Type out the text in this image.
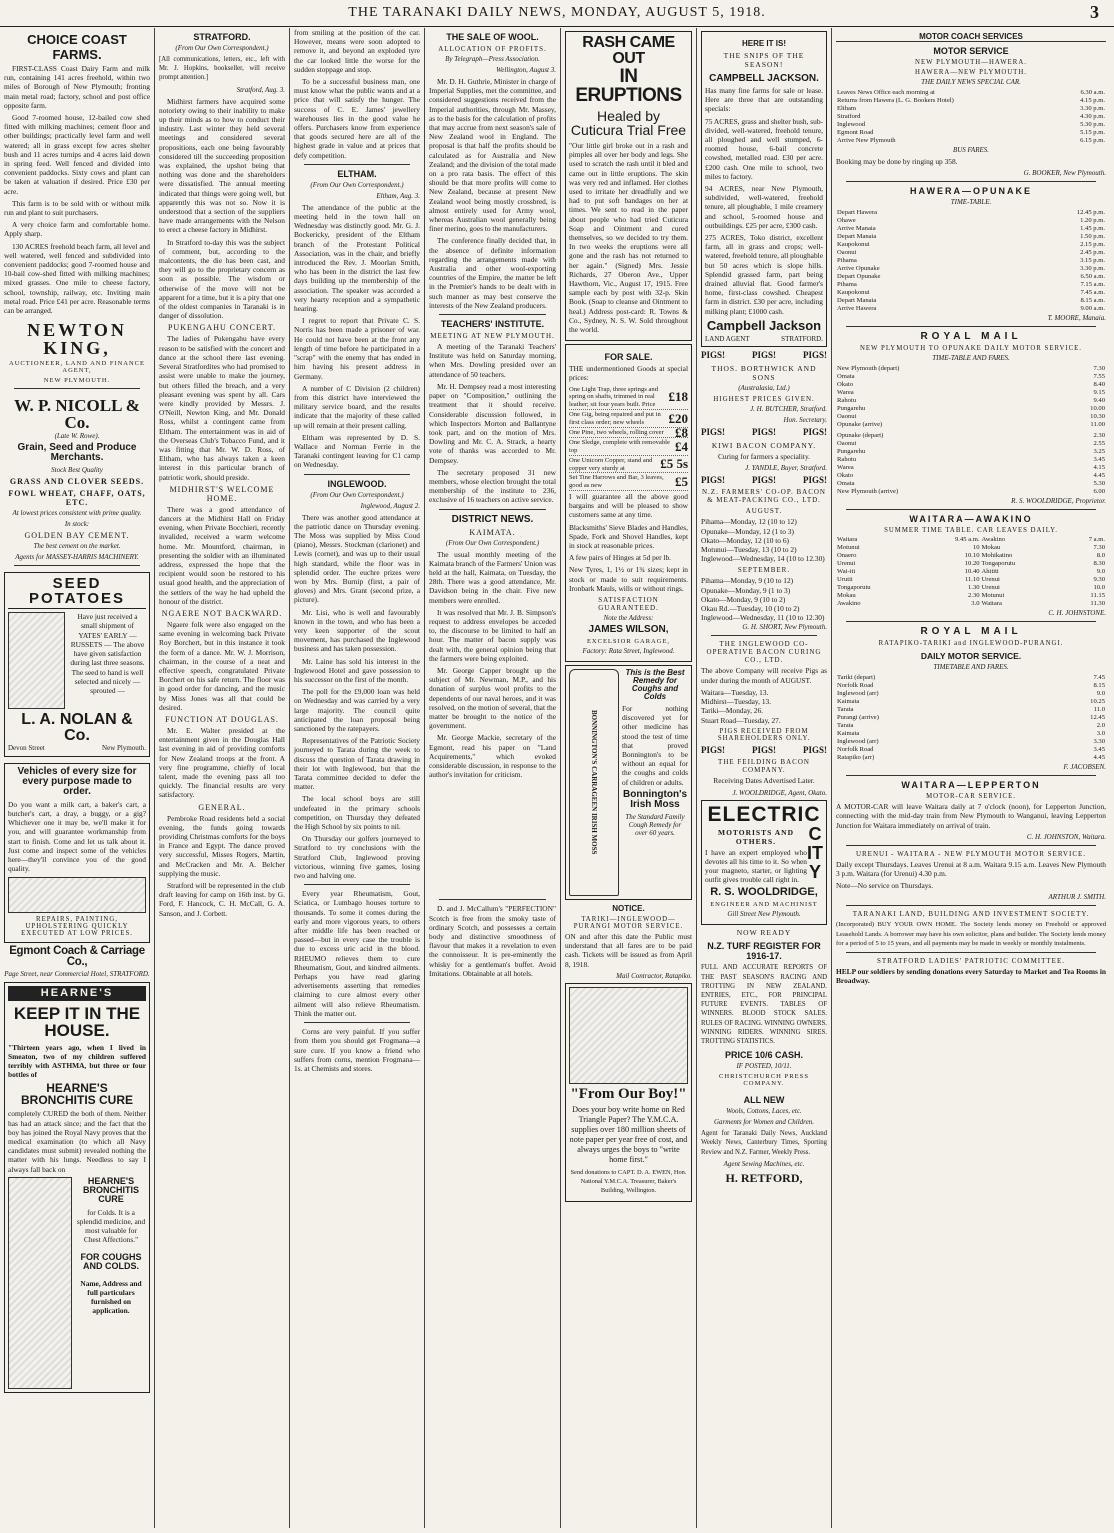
THE TARANAKI DAILY NEWS, MONDAY, AUGUST 5, 1918.	3
CHOICE COAST FARMS.

FIRST-CLASS Coast Dairy Farm and milk run, containing 141 acres freehold, within two miles of Borough of New Plymouth; fronting main metal road; factory, school and post office opposite farm.

Good 7-roomed house, 12-bailed cow shed fitted with milking machines; cement floor and other buildings; practically level farm and well watered; all in grass except few acres shelter bush and 11 acres turnips and 4 acres laid down in spring feed. Well fenced and divided into convenient paddocks. Sixty cows and plant can be taken at valuation if desired. Price £30 per acre.

This farm is to be sold with or without milk run and plant to suit purchasers.

A very choice farm and comfortable home. Apply sharp.

130 ACRES freehold beach farm, all level and well watered, well fenced and subdivided into convenient paddocks; good 7-roomed house and 10-bail cow-shed fitted with milking machines; mixed grasses. One mile to cheese factory, school, township, railway, etc. Inviting main metal road. Price £41 per acre. Reasonable terms can be arranged.

NEWTON KING,
AUCTIONEER, LAND AND FINANCE AGENT,
NEW PLYMOUTH.
W. P. NICOLL & Co.
(Late W. Rowe).
Grain, Seed and Produce Merchants.
Stock Best Quality
GRASS AND CLOVER SEEDS.
FOWL WHEAT, CHAFF, OATS, ETC.
At lowest prices consistent with prime quality.
In stock:
GOLDEN BAY CEMENT.
The best cement on the market.
Agents for MASSEY-HARRIS MACHINERY.
SEED POTATOES

Have just received a small shipment of YATES' EARLY — RUSSETS — The above have given satisfaction during last three seasons. The seed to hand is well selected and nicely — sprouted —

L. A. NOLAN & Co.
Devon Street	New Plymouth.
Vehicles of every size for every purpose made to order.

Do you want a milk cart, a baker's cart, a butcher's cart, a dray, a buggy, or a gig? Whichever one it may be, we'll make it for you, and will guarantee workmanship from start to finish. Come and let us talk about it. Just come and inspect some of the vehicles here—they'll convince you of the good quality.

REPAIRS, PAINTING, UPHOLSTERING QUICKLY EXECUTED AT LOW PRICES.
Egmont Coach & Carriage Co.,
Page Street, near Commercial Hotel, STRATFORD.
HEARNE'S
KEEP IT IN THE HOUSE.

"Thirteen years ago, when I lived in Smeaton, two of my children suffered terribly with ASTHMA, but three or four bottles of

HEARNE'S BRONCHITIS CURE

completely CURED the both of them. Neither has had an attack since; and the fact that the boy has joined the Royal Navy proves that the medical examination (to which all Navy candidates must submit) revealed nothing the matter with his lungs. Needless to say I always fall back on

HEARNE'S BRONCHITIS CURE

for Colds. It is a splendid medicine, and most valuable for Chest Affections."

FOR COUGHS AND COLDS.

Name, Address and full particulars furnished on application.

STRATFORD.
(From Our Own Correspondent.)

[All communications, letters, etc., left with Mr. J. Hopkins, bookseller, will receive prompt attention.]

Stratford, Aug. 3.

Midhirst farmers have acquired some notoriety owing to their inability to make up their minds as to how to conduct their industry. Last winter they held several meetings and considered several propositions, each one being favourably considered till the succeeding proposition was explained, the upshot being that nothing was done and the shareholders were dissatisfied. The annual meeting indicated that things were going well, but apparently this was not so. Now it is understood that a section of the suppliers have made arrangements with the Nelson to erect a cheese factory in Midhirst.

In Stratford to-day this was the subject of comment, but, according to the malcontents, the die has been cast, and they will go to the proprietary concern as soon as possible. The wisdom or otherwise of the move will not be apparent for a time, but it is a pity that one of the oldest companies in Taranaki is in danger of dissolution.

PUKENGAHU CONCERT.

The ladies of Pukengahu have every reason to be satisfied with the concert and dance at the school there last evening. Several Stratfordites who had promised to assist were unable to make the journey, but others filled the breach, and a very pleasant evening was spent by all. Cars were kindly provided by Messrs. J. O'Neill, Newton King, and Mr. Donald Ross, whilst a contingent came from Eltham. The entertainment was in aid of the Overseas Club's Tobacco Fund, and it was fitting that Mr. W. D. Ross, of Eltham, who has always taken a keen interest in this particular branch of patriotic work, should preside.

MIDHIRST'S WELCOME HOME.

There was a good attendance of dancers at the Midhirst Hall on Friday evening, when Private Bocchieri, recently invalided, received a warm welcome home. Mr. Mountford, chairman, in presenting the soldier with an illuminated address, expressed the hope that the recipient would soon be restored to his usual good health, and the appreciation of the settlers of the way he had upheld the honour of the district.

NGAERE NOT BACKWARD.

Ngaere folk were also engaged on the same evening in welcoming back Private Roy Borchert, but in this instance it took the form of a dance. Mr. W. J. Morrison, chairman, in the course of a neat and effective speech, congratulated Private Borchert on his safe return. The floor was in good order for dancing, and the music by Miss Jones was all that could be desired.

FUNCTION AT DOUGLAS.

Mr. E. Walter presided at the entertainment given in the Douglas Hall last evening in aid of providing comforts for New Zealand troops at the front. A very fine programme, chiefly of local talent, made the evening pass all too quickly. The financial results are very satisfactory.

GENERAL.

Pembroke Road residents held a social evening, the funds going towards providing Christmas comforts for the boys in France and Egypt. The dance proved very successful, Misses Rogers, Martin, and McCracken and Mr. A. Belcher supplying the music.

Stratford will be represented in the club draft leaving for camp on 16th inst. by G. Ford, F. Hancock, C. H. McCall, G. A. Sanson, and J. Corbett.

from smiling at the position of the car. However, means were soon adopted to remove it, and beyond an exploded tyre the car looked little the worse for the sudden stoppage and stop.

To be a successful business man, one must know what the public wants and at a price that will satisfy the hunger. The success of C. E. James' jewellery warehouses lies in the good value he offers. Purchasers know from experience that goods secured here are all of the highest grade in value and at prices that defy competition.

ELTHAM.
(From Our Own Correspondent.)
Eltham, Aug. 3.

The attendance of the public at the meeting held in the town hall on Wednesday was distinctly good. Mr. G. J. Bockericky, president of the Eltham branch of the Protestant Political Association, was in the chair, and briefly introduced the Rev. J. Moorlan Smith, who has been in the district the last few days building up the membership of the association. The speaker was accorded a very hearty reception and a sympathetic hearing.

I regret to report that Private C. S. Norris has been made a prisoner of war. He could not have been at the front any length of time before he participated in a "scrap" with the enemy that has ended in him having his present address in Germany.

A number of C Division (2 children) from this district have interviewed the military service board, and the results indicate that the majority of these called up will remain at their present calling.

Eltham was represented by D. S. Wallace and Norman Ferrie in the Taranaki contingent leaving for C1 camp on Wednesday.

INGLEWOOD.
(From Our Own Correspondent.)
Inglewood, August 2.

There was another good attendance at the patriotic dance on Thursday evening. The Moss was supplied by Miss Coud (piano), Messrs. Stockman (clarionet) and Lewis (cornet), and was up to their usual high standard, while the floor was in splendid order. The euchre prizes were won by Mrs. Burnip (first, a pair of gloves) and Mrs. Grant (second prize, a picture).

Mr. Lisi, who is well and favourably known in the town, and who has been a very keen supporter of the scout movement, has purchased the Inglewood business and has taken possession.

Mr. Laine has sold his interest in the Inglewood Hotel and gave possession to his successor on the first of the month.

The poll for the £9,000 loan was held on Wednesday and was carried by a very large majority. The council quite anticipated the loan proposal being sanctioned by the ratepayers.

Representatives of the Patriotic Society journeyed to Tarata during the week to discuss the question of Tarata drawing in their lot with Inglewood, but that the Tarata committee decided to defer the matter.

The local school boys are still undefeated in the primary schools competition, on Thursday they defeated the High School by six points to nil.

On Thursday our golfers journeyed to Stratford to try conclusions with the Stratford Club, Inglewood proving victorious, winning five games, losing two and halving one.

Every year Rheumatism, Gout, Sciatica, or Lumbago houses torture to thousands. To some it comes during the early and more vigorous years, to others after middle life has been reached or passed—but in every case the trouble is due to excess uric acid in the blood. RHEUMO relieves them to cure Rheumatism, Gout, and kindred ailments. Perhaps you have read glaring advertisements asserting that remedies claiming to cure almost every other ailment will also relieve Rheumatism. Think the matter out.

Corns are very painful. If you suffer from them you should get Frogmana—a sure cure. If you know a friend who suffers from corns, mention Frogmana—1s. at Chemists and stores.

THE SALE OF WOOL.
ALLOCATION OF PROFITS.
By Telegraph—Press Association.
Wellington, August 3.

Mr. D. H. Guthrie, Minister in charge of Imperial Supplies, met the committee, and considered suggestions received from the Imperial authorities, through Mr. Massey, as to the basis for the calculation of profits that may accrue from next season's sale of New Zealand wool in England. The proposal is that half the profits should be calculated as for Australia and New Zealand; and the division of the total made on a pro rata basis. The effect of this should be that more profits will come to New Zealand, because at present New Zealand wool being mostly crossbred, is almost entirely used for Army wool, whereas Australian wool generally being finer merino, goes to the manufacturers.

The conference finally decided that, in the absence of definite information regarding the arrangements made with Australia and other wool-exporting countries of the Empire, the matter be left in the Premier's hands to be dealt with in such manner as may best conserve the interests of the New Zealand producers.

TEACHERS' INSTITUTE.
MEETING AT NEW PLYMOUTH.

A meeting of the Taranaki Teachers' Institute was held on Saturday morning, when Mrs. Dowling presided over an attendance of 50 teachers.

Mr. H. Dempsey read a most interesting paper on "Composition," outlining the treatment that it should receive. Considerable discussion followed, in which Inspectors Morton and Ballantyne took part, and on the motion of Mrs. Dowling and Mr. C. A. Strack, a hearty vote of thanks was accorded to Mr. Dempsey.

The secretary proposed 31 new members, whose election brought the total membership of the institute to 236, exclusive of 16 teachers on active service.

DISTRICT NEWS.
KAIMATA.
(From Our Own Correspondent.)

The usual monthly meeting of the Kaimata branch of the Farmers' Union was held at the hall, Kaimata, on Tuesday, the 28th. There was a good attendance, Mr. Davidson being in the chair. Five new members were enrolled.

It was resolved that Mr. J. B. Simpson's request to address envelopes be acceded to, the discourse to be limited to half an hour. The matter of bacon supply was dealt with, the general opinion being that the farmers were being exploited.

Mr. George Capper brought up the subject of Mr. Newman, M.P., and his donation of surplus wool profits to the dependents of our naval heroes, and it was resolved, on the motion of several, that the matter be brought to the notice of the government.

Mr. George Mackie, secretary of the Egmont, read his paper on "Land Acquirements," which evoked considerable discussion, in response to the author's invitation for criticism.

D. and J. McCallum's "PERFECTION" Scotch is free from the smoky taste of ordinary Scotch, and possesses a certain body and distinctive smoothness of flavour that makes it a revelation to even the connoisseur. It is pre-eminently the whisky for a gentleman's buffet. Avoid Imitations. Obtainable at all hotels.

RASH CAME OUT
IN ERUPTIONS
Healed by Cuticura Trial Free

"Our little girl broke out in a rash and pimples all over her body and legs. She used to scratch the rash until it bled and came out in little eruptions. The skin was very red and inflamed. Her clothes used to irritate her dreadfully and we had to put soft bandages on her at times. We sent to read in the paper about people who had tried Cuticura Soap and Ointment and cured themselves, so we decided to try them. In two weeks the eruptions were all gone and the rash has not returned to her again." (Signed) Mrs. Jessie Richards, 27 Oberon Ave., Upper Hawthorn, Vic., August 17, 1915. Free sample each by post with 32-p. Skin Book. (Soap to cleanse and Ointment to heal.) Address post-card: R. Towns & Co., Sydney, N. S. W. Sold throughout the world.

FOR SALE.

THE undermentioned Goods at special prices:

One Light Trap, three springs and spring on shafts, trimmed in real leather; sit four years built. Price
£18
One Gig, being repaired and put in first class order; new wheels	£20
One Pine, two wheels, rolling cover £8
One Sledge, complete with removable top	£4
One Unicorn Copper, stand and copper very sturdy at	£5 5s
Set Tine Harrows and Bar, 3 leaves, good as new	£5

I will guarantee all the above good bargains and will be pleased to show customers same at any time.

Blacksmiths' Sieve Blades and Handles, Spade, Fork and Shovel Handles, kept in stock at reasonable prices.

A few pairs of Hinges at 5d per lb.

New Tyres, 1, 1½ or 1¾ sizes; kept in stock or made to suit requirements. Ironbark Mauls, wills or without rings.

SATISFACTION GUARANTEED.
Note the Address:
JAMES WILSON,
EXCELSIOR GARAGE,
Factory: Rata Street, Inglewood.
BONNINGTON'S CARRAGEEN IRISH MOSS
This is the Best Remedy for Coughs and Colds

For nothing discovered yet for other medicine has stood the test of time that proved Bonnington's to be without an equal for the coughs and colds of children or adults.

Bonnington's Irish Moss
The Standard Family Cough Remedy for over 60 years.
NOTICE.
TARIKI—INGLEWOOD—PURANGI MOTOR SERVICE.

ON and after this date the Public must understand that all fares are to be paid cash. Tickets will be issued as from April 8, 1918.

Mail Contractor, Ratapiko.
"From Our Boy!"

Does your boy write home on Red Triangle Paper? The Y.M.C.A. supplies over 180 million sheets of note paper per year free of cost, and always urges the boys to "write home first."

Send donations to CAPT. D. A. EWEN, Hon. National Y.M.C.A. Treasurer, Baker's Building, Wellington.

HERE IT IS!
THE SNIPS OF THE SEASON!
CAMPBELL JACKSON.

Has many fine farms for sale or lease. Here are three that are outstanding specials:

75 ACRES, grass and shelter bush, sub-divided, well-watered, freehold tenure, all ploughed and well stumped, 6-roomed house, 6-bail concrete cowshed, metalled road. £30 per acre. £200 cash. One mile to school, two miles to factory.

94 ACRES, near New Plymouth, subdivided, well-watered, freehold tenure, all ploughable, 1 mile creamery and school, 5-roomed house and outbuildings. £25 per acre, £300 cash.

275 ACRES, Toko district, excellent farm, all in grass and crops; well-watered, freehold tenure, all ploughable but 50 acres which is slope hills. Splendid grassed farm, part being drained alluvial flat. Good farmer's home, first-class cowshed. Cheapest farm in district. £30 per acre, including milking plant; £1000 cash.

Campbell Jackson
LAND AGENT	STRATFORD.
PIGS!	PIGS!	PIGS!
THOS. BORTHWICK AND SONS
(Australasia, Ltd.)
HIGHEST PRICES GIVEN.
J. H. BUTCHER, Stratford.
Hon. Secretary.
PIGS!	PIGS!	PIGS!
KIWI BACON COMPANY.

Curing for farmers a speciality.

J. YANDLE, Buyer, Stratford.
PIGS!	PIGS!	PIGS!
N.Z. FARMERS' CO-OP. BACON & MEAT-PACKING CO., LTD.
AUGUST.
Pihama—Monday, 12 (10 to 12)
Opunake—Monday, 12 (1 to 3)
Okato—Monday, 12 (10 to 6)
Motunui—Tuesday, 13 (10 to 2)
Inglewood—Wednesday, 14 (10 to 12.30)
SEPTEMBER.
Pihama—Monday, 9 (10 to 12)
Opunake—Monday, 9 (1 to 3)
Okato—Monday, 9 (10 to 2)
Okau Rd.—Tuesday, 10 (10 to 2)
Inglewood—Wednesday, 11 (10 to 12.30)
G. H. SHORT, New Plymouth.
THE INGLEWOOD CO-OPERATIVE BACON CURING CO., LTD.

The above Company will receive Pigs as under during the month of AUGUST.

Waitara—Tuesday, 13.
Midhirst—Tuesday, 13.
Tariki—Monday, 26.
Stuart Road—Tuesday, 27.
PIGS RECEIVED FROM SHAREHOLDERS ONLY.
PIGS!	PIGS!	PIGS!
THE FEILDING BACON COMPANY.

Receiving Dates Advertised Later.

J. WOOLDRIDGE, Agent, Okato.
ELECTRIC
MOTORISTS AND OTHERS.

I have an expert employed who devotes all his time to it. So when your magneto, starter, or lighting outfit gives trouble call right in.

CITY
R. S. WOOLDRIDGE,
ENGINEER AND MACHINIST
Gill Street New Plymouth.
NOW READY
N.Z. TURF REGISTER FOR 1916-17.

FULL AND ACCURATE REPORTS OF THE PAST SEASON'S RACING AND TROTTING IN NEW ZEALAND. ENTRIES, ETC., FOR PRINCIPAL FUTURE EVENTS. TABLES OF WINNERS. BLOOD STOCK SALES. RULES OF RACING. WINNING OWNERS. WINNING RIDERS. WINNING SIRES. TROTTING STATISTICS.

PRICE 10/6 CASH.
IF POSTED, 10/11.
CHRISTCHURCH PRESS COMPANY.
ALL NEW
Wools, Cottons, Laces, etc.
Garments for Women and Children.

Agent for Taranaki Daily News, Auckland Weekly News, Canterbury Times, Sporting Review and N.Z. Farmer, Weekly Press.

Agent Sewing Machines, etc.
H. RETFORD,
MOTOR COACH SERVICES
MOTOR SERVICE
NEW PLYMOUTH—HAWERA.
HAWERA—NEW PLYMOUTH.
THE DAILY NEWS SPECIAL CAR.
Leaves News Office each morning at	6.30 a.m.
Returns from Hawera (L. G. Bookers Hotel)	4.15 p.m.
Eltham	3.30 p.m.
Stratford	4.30 p.m.
Inglewood	5.30 p.m.
Egmont Road	5.15 p.m.
Arrive New Plymouth	6.15 p.m.
BUS FARES.

Booking may be done by ringing up 358.

G. BOOKER, New Plymouth.
HAWERA—OPUNAKE
TIME-TABLE.
Depart Hawera	12.45 p.m.
Ohawe	1.20 p.m.
Arrive Manaia	1.45 p.m.
Depart Manaia	1.50 p.m.
Kaupokonui	2.15 p.m.
Oaonui	2.45 p.m.
Pihama	3.15 p.m.
Arrive Opunake	3.30 p.m.
Depart Opunake	6.50 a.m.
Pihama	7.15 a.m.
Kaupokonui	7.45 a.m.
Depart Manaia	8.15 a.m.
Arrive Hawera	9.00 a.m.
T. MOORE, Manaia.
ROYAL MAIL
NEW PLYMOUTH TO OPUNAKE DAILY MOTOR SERVICE.
TIME-TABLE AND FARES.
New Plymouth (depart)	7.30
Omata	7.55
Okato	8.40
Warea	9.15
Rahotu	9.40
Pungarehu	10.00
Oaonui	10.30
Opunake (arrive)	11.00
Opunake (depart)	2.30
Oaonui	2.55
Pungarehu	3.25
Rahotu	3.45
Warea	4.15
Okato	4.45
Omata	5.30
New Plymouth (arrive)	6.00
R. S. WOOLDRIDGE, Proprietor.
WAITARA—AWAKINO
SUMMER TIME TABLE. CAR LEAVES DAILY.
Waitara	9.45 a.m.	Awakino	7 a.m.
Motunui	10	Mokau	7.30
Onaero	10.10	Mohikatino	8.0
Urenui	10.20	Tongaporutu	8.30
Wai-iti	10.40	Ahititi	9.0
Urutii	11.10	Urenui	9.30
Tongaporutu	1.30	Urenui	10.0
Mokau	2.30	Motunui	11.15
Awakino	3.0	Waitara	11.30
C. H. JOHNSTONE.
ROYAL MAIL
RATAPIKO-TARIKI and INGLEWOOD-PURANGI.
DAILY MOTOR SERVICE.
TIMETABLE AND FARES.
Tariki (depart)	7.45
Norfolk Road	8.15
Inglewood (arr)	9.0
Kaimata	10.25
Tarata	11.0
Purangi (arrive)	12.45
Tarata	2.0
Kaimata	3.0
Inglewood (arr)	3.30
Norfolk Road	3.45
Ratapiko (arr)	4.45
F. JACOBSEN.
WAITARA—LEPPERTON
MOTOR-CAR SERVICE.

A MOTOR-CAR will leave Waitara daily at 7 o'clock (noon), for Lepperton Junction, connecting with the mid-day train from New Plymouth to Wanganui, leaving Lepperton Junction for Waitara immediately on arrival of train.

C. H. JOHNSTON, Waitara.
URENUI - WAITARA - NEW PLYMOUTH MOTOR SERVICE.

Daily except Thursdays. Leaves Urenui at 8 a.m. Waitara 9.15 a.m. Leaves New Plymouth 3 p.m. Waitara (for Urenui) 4.30 p.m.

Note—No service on Thursdays.

ARTHUR J. SMITH.
TARANAKI LAND, BUILDING AND INVESTMENT SOCIETY.

(Incorporated) BUY YOUR OWN HOME. The Society lends money on Freehold or approved Leasehold Lands. A borrower may have his own solicitor, plans and builder. The Society lends money for a period of 5 to 15 years, and all payments may be made in weekly or monthly instalments.

STRATFORD LADIES' PATRIOTIC COMMITTEE.

HELP our soldiers by sending donations every Saturday to Market and Tea Rooms in Broadway.
